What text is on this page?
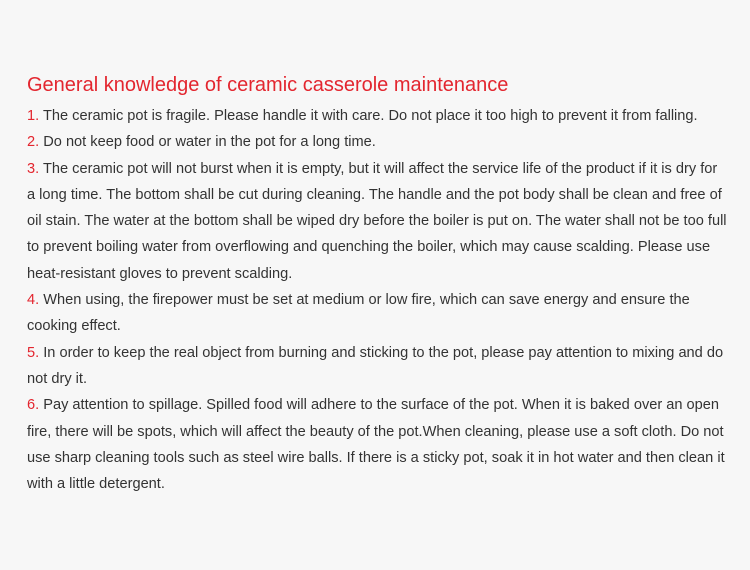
General knowledge of ceramic casserole maintenance

1. The ceramic pot is fragile. Please handle it with care. Do not place it too high to prevent it from falling.

2. Do not keep food or water in the pot for a long time.

3. The ceramic pot will not burst when it is empty, but it will affect the service life of the product if it is dry for a long time. The bottom shall be cut during cleaning. The handle and the pot body shall be clean and free of oil stain. The water at the bottom shall be wiped dry before the boiler is put on. The water shall not be too full to prevent boiling water from overflowing and quenching the boiler, which may cause scalding. Please use heat-resistant gloves to prevent scalding.

4. When using, the firepower must be set at medium or low fire, which can save energy and ensure the cooking effect.

5. In order to keep the real object from burning and sticking to the pot, please pay attention to mixing and do not dry it.

6. Pay attention to spillage. Spilled food will adhere to the surface of the pot. When it is baked over an open fire, there will be spots, which will affect the beauty of the pot.When cleaning, please use a soft cloth. Do not use sharp cleaning tools such as steel wire balls. If there is a sticky pot, soak it in hot water and then clean it with a little detergent.
